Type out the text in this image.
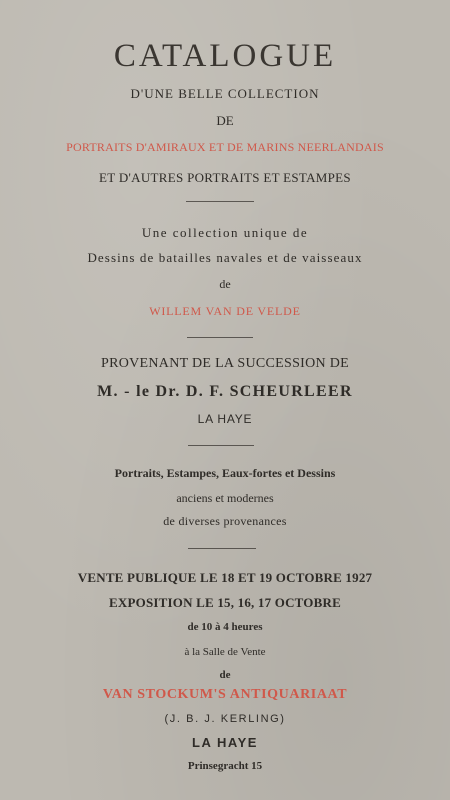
CATALOGUE
D'UNE BELLE COLLECTION
DE
PORTRAITS D'AMIRAUX ET DE MARINS NEERLANDAIS
ET D'AUTRES PORTRAITS ET ESTAMPES
Une collection unique de
Dessins de batailles navales et de vaisseaux
de
WILLEM VAN DE VELDE
PROVENANT DE LA SUCCESSION DE
M. - le Dr. D. F. SCHEURLEER
LA HAYE
Portraits, Estampes, Eaux-fortes et Dessins
anciens et modernes
de diverses provenances
VENTE PUBLIQUE LE 18 ET 19 OCTOBRE 1927
EXPOSITION LE 15, 16, 17 OCTOBRE
de 10 à 4 heures
à la Salle de Vente
de
VAN STOCKUM'S ANTIQUARIAAT
(J. B. J. KERLING)
LA HAYE
Prinsegracht 15
